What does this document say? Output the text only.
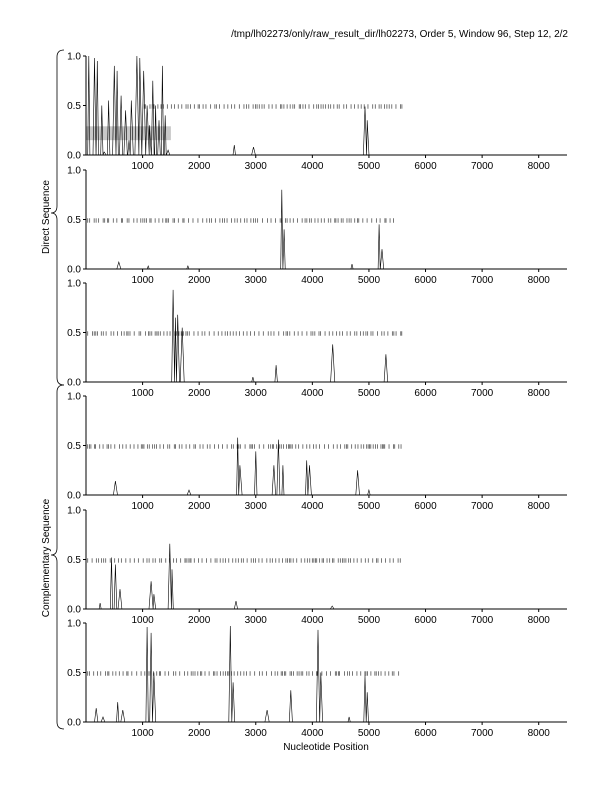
/tmp/lh02273/only/raw_result_dir/lh02273, Order 5, Window 96, Step 12, 2/2
0.0
0.5
1.0
1000	2000	3000	4000	5000	6000	7000	8000
0.0
0.5
1.0
1000	2000	3000	4000	5000	6000	7000	8000
0.0
0.5
1.0
1000	2000	3000	4000	5000	6000	7000	8000
0.0
0.5
1.0
1000	2000	3000	4000	5000	6000	7000	8000
0.0
0.5
1.0
1000	2000	3000	4000	5000	6000	7000	8000
0.0
0.5
1.0
1000	2000	3000	4000	5000	6000	7000	8000
Direct Sequence
Complementary Sequence
Nucleotide Position
